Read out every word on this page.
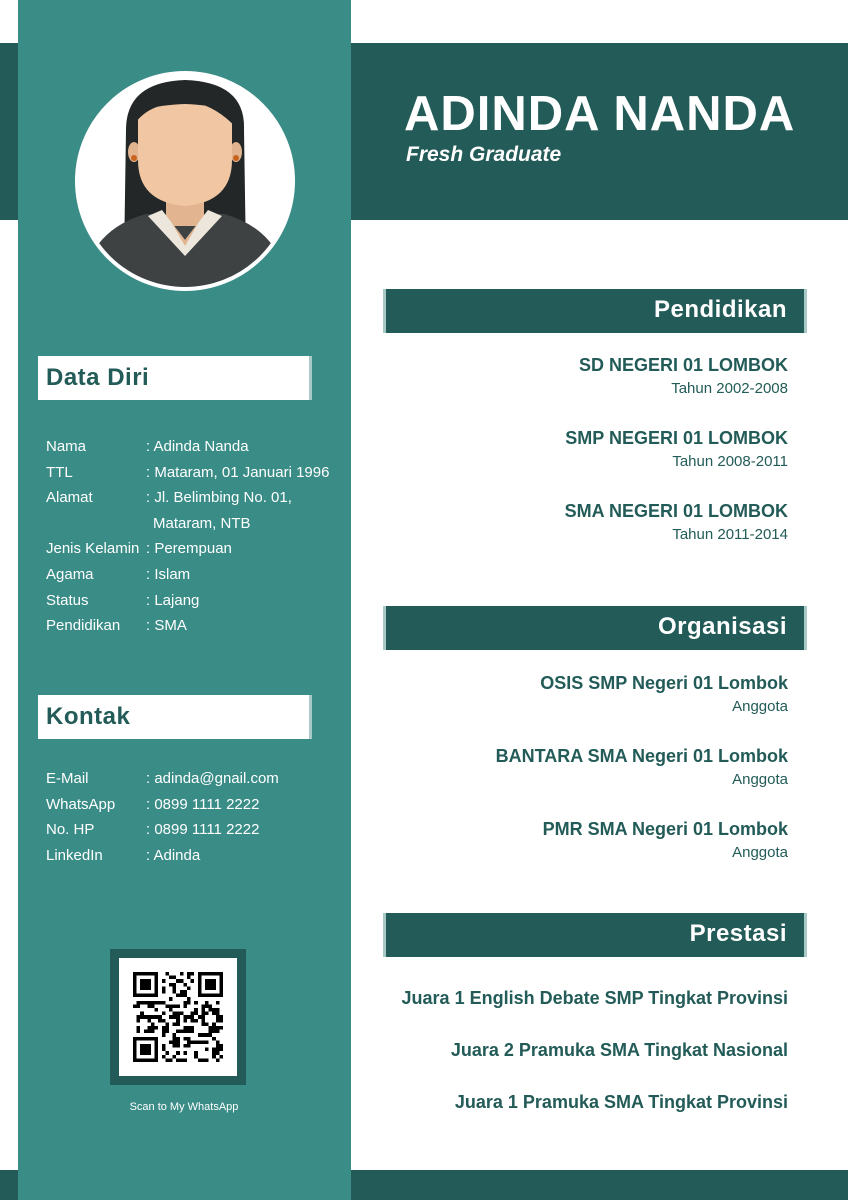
Data Diri
Nama	: Adinda Nanda
TTL	: Mataram, 01 Januari 1996
Alamat	: Jl. Belimbing No. 01,
Mataram, NTB
Jenis Kelamin : Perempuan
Agama	: Islam
Status	: Lajang
Pendidikan	: SMA
Kontak
E-Mail	: adinda@gnail.com
WhatsApp	: 0899 1111 2222
No. HP	: 0899 1111 2222
LinkedIn	: Adinda
Scan to My WhatsApp
ADINDA NANDA
Fresh Graduate
Pendidikan
SD NEGERI 01 LOMBOK
Tahun 2002-2008
SMP NEGERI 01 LOMBOK
Tahun 2008-2011
SMA NEGERI 01 LOMBOK
Tahun 2011-2014
Organisasi
OSIS SMP Negeri 01 Lombok
Anggota
BANTARA SMA Negeri 01 Lombok
Anggota
PMR SMA Negeri 01 Lombok
Anggota
Prestasi
Juara 1 English Debate SMP Tingkat Provinsi
Juara 2 Pramuka SMA Tingkat Nasional
Juara 1 Pramuka SMA Tingkat Provinsi
